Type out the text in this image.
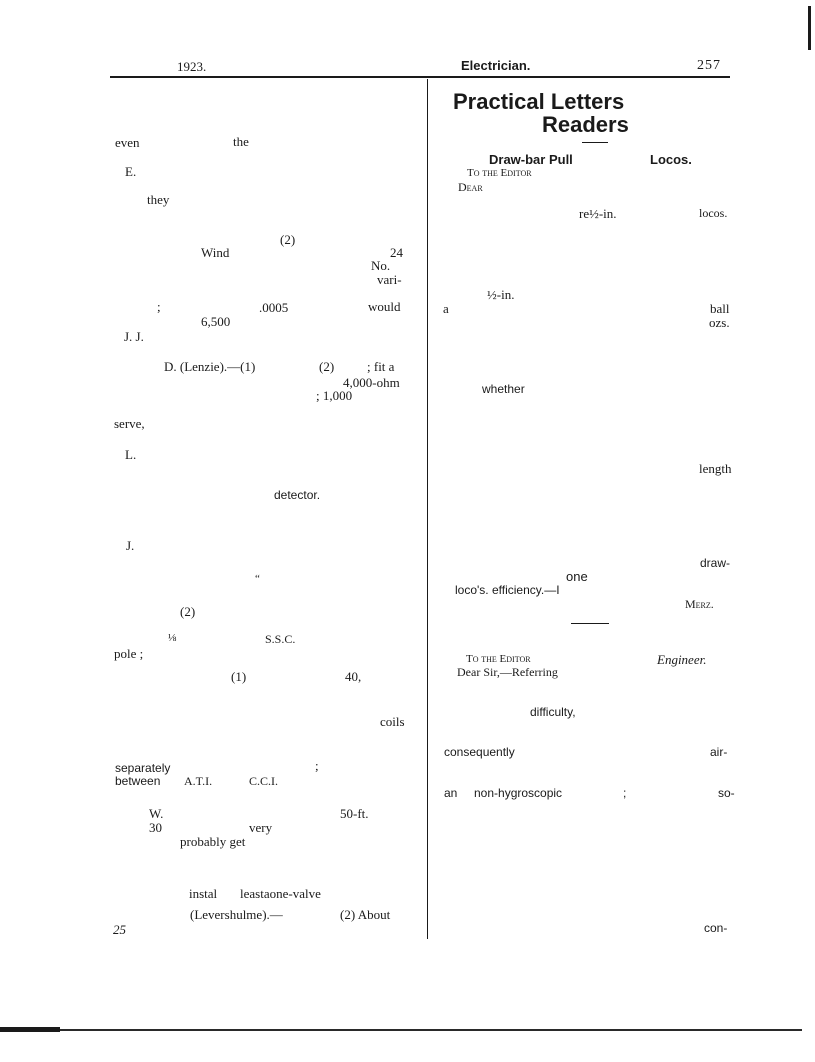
1923.	Electrician.	257
Practical Letters
Readers
Draw-bar Pull	Locos.
To the Editor
Dear
re½-in.	locos.
½-in.
a	ball
ozs.
whether
length
draw-
one
loco's. efficiency.—I
Merz.
To the Editor	Engineer.
Dear Sir,—Referring
difficulty,
consequently	air-
an non-hygroscopic	;	so-
con-
even	the
E.
they
(2)
Wind	24
No.
vari-
;	.0005	would
6,500
J. J.
D. (Lenzie).—(1)	(2)	; fit a
4,000-ohm
; 1,000
serve,
L.
detector.
J.
“
(2)
⅛	S.S.C.
pole ;
(1)	40,
coils
separately	;
between A.T.I.	C.C.I.
W.	50-ft.
30	very
probably get
instal leastaone-valve
(Levershulme).—	(2) About
25
